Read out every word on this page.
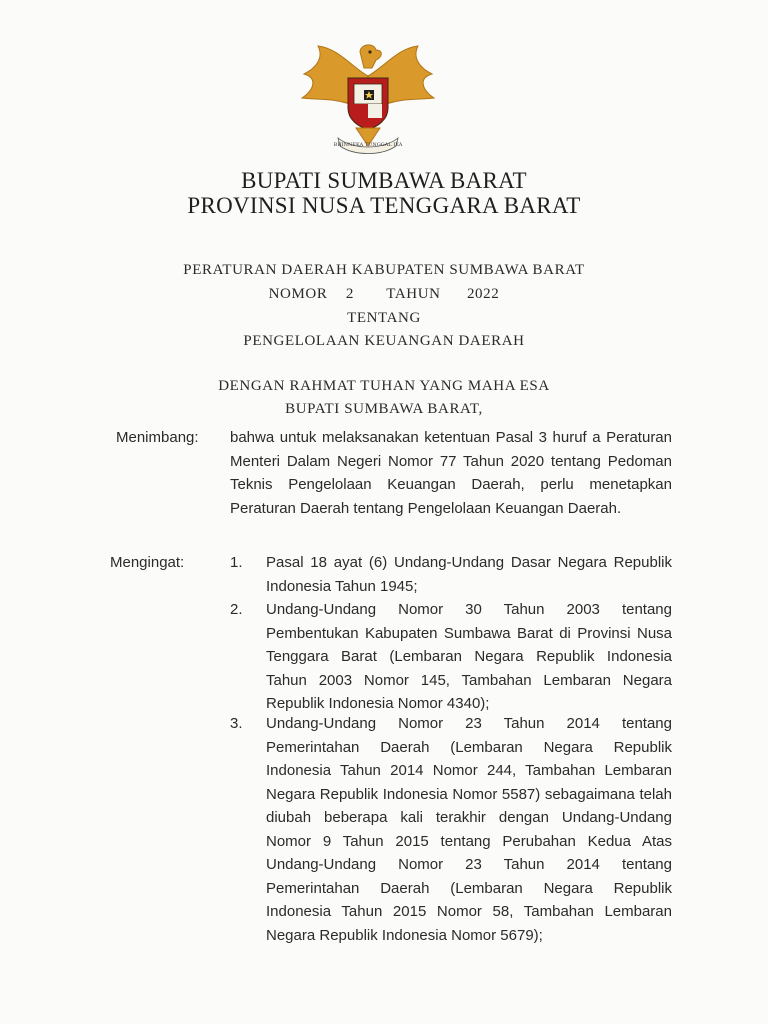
BHINNEKA TUNGGAL IKA
BUPATI SUMBAWA BARAT
PROVINSI NUSA TENGGARA BARAT
PERATURAN DAERAH KABUPATEN SUMBAWA BARAT
NOMOR 2 TAHUN 2022
TENTANG
PENGELOLAAN KEUANGAN DAERAH
DENGAN RAHMAT TUHAN YANG MAHA ESA
BUPATI SUMBAWA BARAT,
Menimbang: bahwa untuk melaksanakan ketentuan Pasal 3 huruf a Peraturan Menteri Dalam Negeri Nomor 77 Tahun 2020 tentang Pedoman Teknis Pengelolaan Keuangan Daerah, perlu menetapkan Peraturan Daerah tentang Pengelolaan Keuangan Daerah.
Mengingat:	1. Pasal 18 ayat (6) Undang-Undang Dasar Negara Republik Indonesia Tahun 1945;
2. Undang-Undang Nomor 30 Tahun 2003 tentang Pembentukan Kabupaten Sumbawa Barat di Provinsi Nusa Tenggara Barat (Lembaran Negara Republik Indonesia Tahun 2003 Nomor 145, Tambahan Lembaran Negara Republik Indonesia Nomor 4340);
3. Undang-Undang Nomor 23 Tahun 2014 tentang Pemerintahan Daerah (Lembaran Negara Republik Indonesia Tahun 2014 Nomor 244, Tambahan Lembaran Negara Republik Indonesia Nomor 5587) sebagaimana telah diubah beberapa kali terakhir dengan Undang-Undang Nomor 9 Tahun 2015 tentang Perubahan Kedua Atas Undang-Undang Nomor 23 Tahun 2014 tentang Pemerintahan Daerah (Lembaran Negara Republik Indonesia Tahun 2015 Nomor 58, Tambahan Lembaran Negara Republik Indonesia Nomor 5679);
